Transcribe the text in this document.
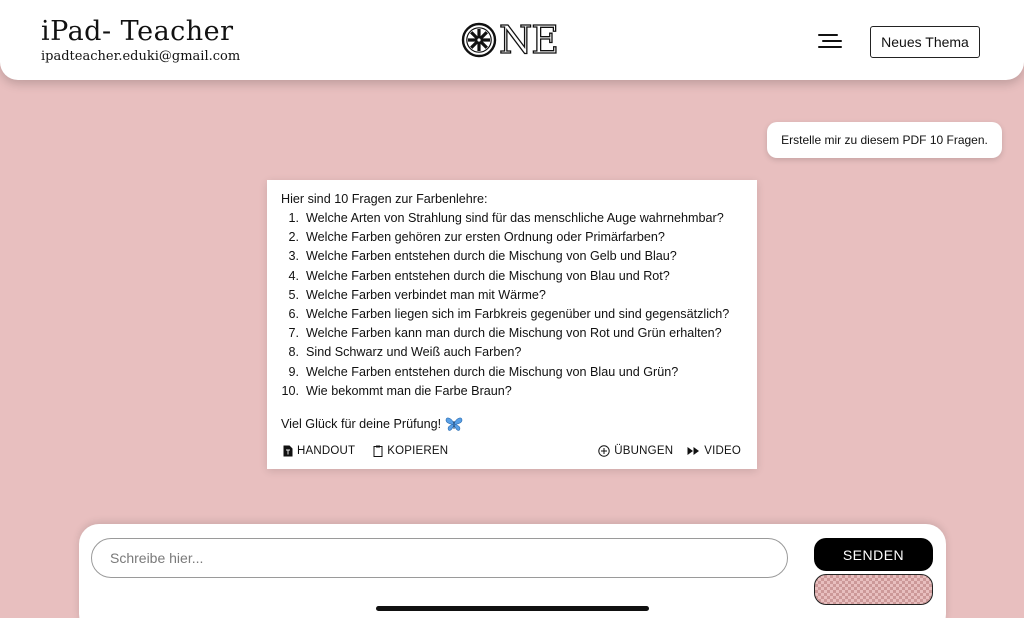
iPad- Teacher
ipadteacher.eduki@gmail.com	NE	Neues Thema
Erstelle mir zu diesem PDF 10 Fragen.
Hier sind 10 Fragen zur Farbenlehre:
1. Welche Arten von Strahlung sind für das menschliche Auge wahrnehmbar?
2. Welche Farben gehören zur ersten Ordnung oder Primärfarben?
3. Welche Farben entstehen durch die Mischung von Gelb und Blau?
4. Welche Farben entstehen durch die Mischung von Blau und Rot?
5. Welche Farben verbindet man mit Wärme?
6. Welche Farben liegen sich im Farbkreis gegenüber und sind gegensätzlich?
7. Welche Farben kann man durch die Mischung von Rot und Grün erhalten?
8. Sind Schwarz und Weiß auch Farben?
9. Welche Farben entstehen durch die Mischung von Blau und Grün?
10. Wie bekommt man die Farbe Braun?
Viel Glück für deine Prüfung!
HANDOUT	KOPIEREN	ÜBUNGEN	VIDEO
Schreibe hier...
SENDEN
